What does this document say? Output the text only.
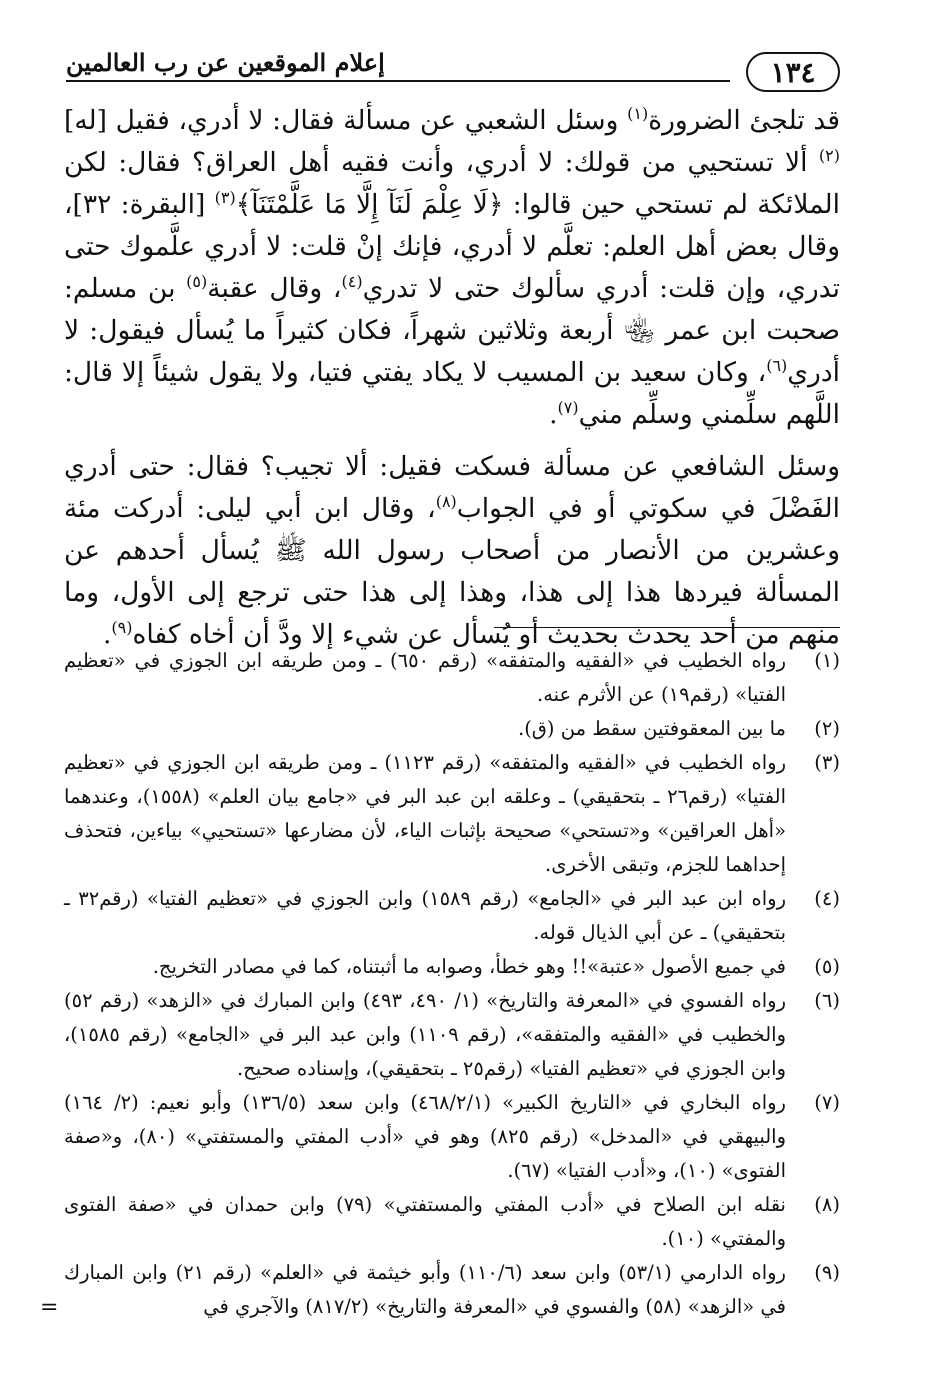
إعلام الموقعين عن رب العالمين	١٣٤

قد تلجئ الضرورة$^{(١)}$ وسئل الشعبي عن مسألة فقال: لا أدري، فقيل [له]$^{(٢)}$ ألا تستحيي من قولك: لا أدري، وأنت فقيه أهل العراق؟ فقال: لكن الملائكة لم تستحي حين قالوا: ﴿لَا عِلْمَ لَنَآ إِلَّا مَا عَلَّمْتَنَآ﴾$^{(٣)}$ [البقرة: ٣٢]، وقال بعض أهل العلم: تعلَّم لا أدري، فإنك إنْ قلت: لا أدري علَّموك حتى تدري، وإن قلت: أدري سألوك حتى لا تدري$^{(٤)}$، وقال عقبة$^{(٥)}$ بن مسلم: صحبت ابن عمر ﵄ أربعة وثلاثين شهراً، فكان كثيراً ما يُسأل فيقول: لا أدري$^{(٦)}$، وكان سعيد بن المسيب لا يكاد يفتي فتيا، ولا يقول شيئاً إلا قال: اللَّهم سلِّمني وسلِّم مني$^{(٧)}$.

وسئل الشافعي عن مسألة فسكت فقيل: ألا تجيب؟ فقال: حتى أدري الفَضْلَ في سكوتي أو في الجواب$^{(٨)}$، وقال ابن أبي ليلى: أدركت مئة وعشرين من الأنصار من أصحاب رسول الله ﷺ يُسأل أحدهم عن المسألة فيردها هذا إلى هذا، وهذا إلى هذا حتى ترجع إلى الأول، وما منهم من أحد يحدث بحديث أو يُسأل عن شيء إلا ودَّ أن أخاه كفاه$^{(٩)}$.

(١)
رواه الخطيب في «الفقيه والمتفقه» (رقم ٦٥٠) ـ ومن طريقه ابن الجوزي في «تعظيم الفتيا» (رقم١٩) عن الأثرم عنه.
(٢)
ما بين المعقوفتين سقط من (ق).
(٣)
رواه الخطيب في «الفقيه والمتفقه» (رقم ١١٢٣) ـ ومن طريقه ابن الجوزي في «تعظيم الفتيا» (رقم٢٦ ـ بتحقيقي) ـ وعلقه ابن عبد البر في «جامع بيان العلم» (١٥٥٨)، وعندهما «أهل العراقين» و«تستحي» صحيحة بإثبات الياء، لأن مضارعها «تستحيي» بياءين، فتحذف إحداهما للجزم، وتبقى الأخرى.
(٤)
رواه ابن عبد البر في «الجامع» (رقم ١٥٨٩) وابن الجوزي في «تعظيم الفتيا» (رقم٣٢ ـ بتحقيقي) ـ عن أبي الذيال قوله.
(٥)
في جميع الأصول «عتبة»!! وهو خطأ، وصوابه ما أثبتناه، كما في مصادر التخريج.
(٦)
رواه الفسوي في «المعرفة والتاريخ» (١/ ٤٩٠، ٤٩٣) وابن المبارك في «الزهد» (رقم ٥٢) والخطيب في «الفقيه والمتفقه»، (رقم ١١٠٩) وابن عبد البر في «الجامع» (رقم ١٥٨٥)، وابن الجوزي في «تعظيم الفتيا» (رقم٢٥ ـ بتحقيقي)، وإسناده صحيح.
(٧)
رواه البخاري في «التاريخ الكبير» (٤٦٨/٢/١) وابن سعد (١٣٦/٥) وأبو نعيم: (٢/ ١٦٤) والبيهقي في «المدخل» (رقم ٨٢٥) وهو في «أدب المفتي والمستفتي» (٨٠)، و«صفة الفتوى» (١٠)، و«أدب الفتيا» (٦٧).
(٨)
نقله ابن الصلاح في «أدب المفتي والمستفتي» (٧٩) وابن حمدان في «صفة الفتوى والمفتي» (١٠).
(٩)
رواه الدارمي (٥٣/١) وابن سعد (١١٠/٦) وأبو خيثمة في «العلم» (رقم ٢١) وابن المبارك في «الزهد» (٥٨) والفسوي في «المعرفة والتاريخ» (٨١٧/٢) والآجري في
=
